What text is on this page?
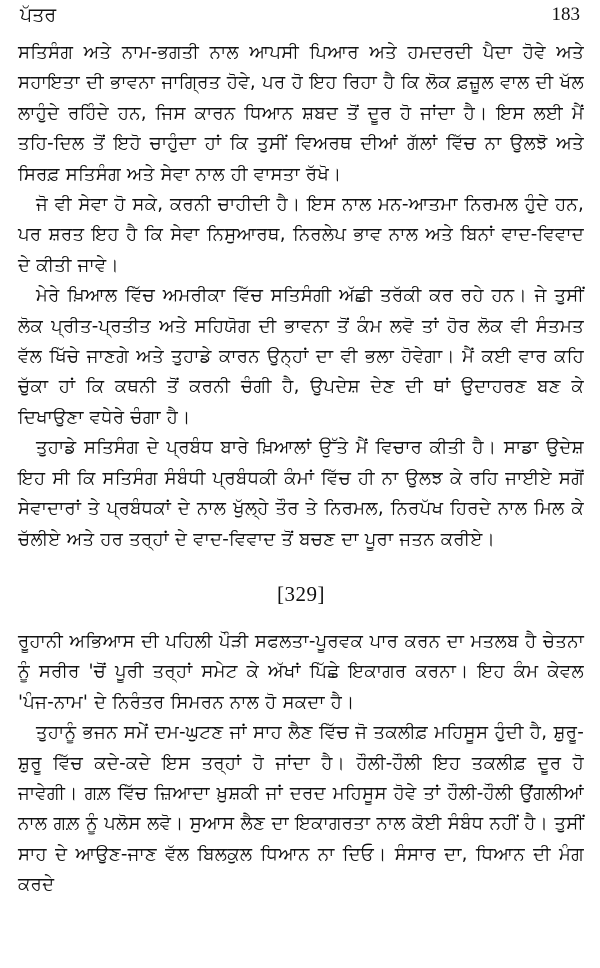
ਪੱਤਰ	183

ਸਤਿਸੰਗ ਅਤੇ ਨਾਮ-ਭਗਤੀ ਨਾਲ ਆਪਸੀ ਪਿਆਰ ਅਤੇ ਹਮਦਰਦੀ ਪੈਦਾ ਹੋਵੇ ਅਤੇ ਸਹਾਇਤਾ ਦੀ ਭਾਵਨਾ ਜਾਗ੍ਰਿਤ ਹੋਵੇ, ਪਰ ਹੋ ਇਹ ਰਿਹਾ ਹੈ ਕਿ ਲੋਕ ਫ਼ਜ਼ੂਲ ਵਾਲ ਦੀ ਖੱਲ ਲਾਹੁੰਦੇ ਰਹਿੰਦੇ ਹਨ, ਜਿਸ ਕਾਰਨ ਧਿਆਨ ਸ਼ਬਦ ਤੋਂ ਦੂਰ ਹੋ ਜਾਂਦਾ ਹੈ। ਇਸ ਲਈ ਮੈਂ ਤਹਿ-ਦਿਲ ਤੋਂ ਇਹੋ ਚਾਹੁੰਦਾ ਹਾਂ ਕਿ ਤੁਸੀਂ ਵਿਅਰਥ ਦੀਆਂ ਗੱਲਾਂ ਵਿੱਚ ਨਾ ਉਲਝੋ ਅਤੇ ਸਿਰਫ਼ ਸਤਿਸੰਗ ਅਤੇ ਸੇਵਾ ਨਾਲ ਹੀ ਵਾਸਤਾ ਰੱਖੋ।

ਜੋ ਵੀ ਸੇਵਾ ਹੋ ਸਕੇ, ਕਰਨੀ ਚਾਹੀਦੀ ਹੈ। ਇਸ ਨਾਲ ਮਨ-ਆਤਮਾ ਨਿਰਮਲ ਹੁੰਦੇ ਹਨ, ਪਰ ਸ਼ਰਤ ਇਹ ਹੈ ਕਿ ਸੇਵਾ ਨਿਸੁਆਰਥ, ਨਿਰਲੇਪ ਭਾਵ ਨਾਲ ਅਤੇ ਬਿਨਾਂ ਵਾਦ-ਵਿਵਾਦ ਦੇ ਕੀਤੀ ਜਾਵੇ।

ਮੇਰੇ ਖ਼ਿਆਲ ਵਿੱਚ ਅਮਰੀਕਾ ਵਿੱਚ ਸਤਿਸੰਗੀ ਅੱਛੀ ਤਰੱਕੀ ਕਰ ਰਹੇ ਹਨ। ਜੇ ਤੁਸੀਂ ਲੋਕ ਪ੍ਰੀਤ-ਪ੍ਰਤੀਤ ਅਤੇ ਸਹਿਯੋਗ ਦੀ ਭਾਵਨਾ ਤੋਂ ਕੰਮ ਲਵੋ ਤਾਂ ਹੋਰ ਲੋਕ ਵੀ ਸੰਤਮਤ ਵੱਲ ਖਿੱਚੇ ਜਾਣਗੇ ਅਤੇ ਤੁਹਾਡੇ ਕਾਰਨ ਉਨ੍ਹਾਂ ਦਾ ਵੀ ਭਲਾ ਹੋਵੇਗਾ। ਮੈਂ ਕਈ ਵਾਰ ਕਹਿ ਚੁੱਕਾ ਹਾਂ ਕਿ ਕਥਨੀ ਤੋਂ ਕਰਨੀ ਚੰਗੀ ਹੈ, ਉਪਦੇਸ਼ ਦੇਣ ਦੀ ਥਾਂ ਉਦਾਹਰਣ ਬਣ ਕੇ ਦਿਖਾਉਣਾ ਵਧੇਰੇ ਚੰਗਾ ਹੈ।

ਤੁਹਾਡੇ ਸਤਿਸੰਗ ਦੇ ਪ੍ਰਬੰਧ ਬਾਰੇ ਖ਼ਿਆਲਾਂ ਉੱਤੇ ਮੈਂ ਵਿਚਾਰ ਕੀਤੀ ਹੈ। ਸਾਡਾ ਉਦੇਸ਼ ਇਹ ਸੀ ਕਿ ਸਤਿਸੰਗ ਸੰਬੰਧੀ ਪ੍ਰਬੰਧਕੀ ਕੰਮਾਂ ਵਿੱਚ ਹੀ ਨਾ ਉਲਝ ਕੇ ਰਹਿ ਜਾਈਏ ਸਗੋਂ ਸੇਵਾਦਾਰਾਂ ਤੇ ਪ੍ਰਬੰਧਕਾਂ ਦੇ ਨਾਲ ਖੁੱਲ੍ਹੇ ਤੌਰ ਤੇ ਨਿਰਮਲ, ਨਿਰਪੱਖ ਹਿਰਦੇ ਨਾਲ ਮਿਲ ਕੇ ਚੱਲੀਏ ਅਤੇ ਹਰ ਤਰ੍ਹਾਂ ਦੇ ਵਾਦ-ਵਿਵਾਦ ਤੋਂ ਬਚਣ ਦਾ ਪੂਰਾ ਜਤਨ ਕਰੀਏ।

[329]

ਰੂਹਾਨੀ ਅਭਿਆਸ ਦੀ ਪਹਿਲੀ ਪੌੜੀ ਸਫਲਤਾ-ਪੂਰਵਕ ਪਾਰ ਕਰਨ ਦਾ ਮਤਲਬ ਹੈ ਚੇਤਨਾ ਨੂੰ ਸਰੀਰ 'ਚੋਂ ਪੂਰੀ ਤਰ੍ਹਾਂ ਸਮੇਟ ਕੇ ਅੱਖਾਂ ਪਿੱਛੇ ਇਕਾਗਰ ਕਰਨਾ। ਇਹ ਕੰਮ ਕੇਵਲ 'ਪੰਜ-ਨਾਮ' ਦੇ ਨਿਰੰਤਰ ਸਿਮਰਨ ਨਾਲ ਹੋ ਸਕਦਾ ਹੈ।

ਤੁਹਾਨੂੰ ਭਜਨ ਸਮੇਂ ਦਮ-ਘੁਟਣ ਜਾਂ ਸਾਹ ਲੈਣ ਵਿੱਚ ਜੋ ਤਕਲੀਫ਼ ਮਹਿਸੂਸ ਹੁੰਦੀ ਹੈ, ਸ਼ੁਰੂ-ਸ਼ੁਰੂ ਵਿੱਚ ਕਦੇ-ਕਦੇ ਇਸ ਤਰ੍ਹਾਂ ਹੋ ਜਾਂਦਾ ਹੈ। ਹੌਲੀ-ਹੌਲੀ ਇਹ ਤਕਲੀਫ਼ ਦੂਰ ਹੋ ਜਾਵੇਗੀ। ਗਲ਼ ਵਿੱਚ ਜ਼ਿਆਦਾ ਖ਼ੁਸ਼ਕੀ ਜਾਂ ਦਰਦ ਮਹਿਸੂਸ ਹੋਵੇ ਤਾਂ ਹੌਲੀ-ਹੌਲੀ ਉਂਗਲੀਆਂ ਨਾਲ ਗਲ਼ ਨੂੰ ਪਲੋਸ ਲਵੋ। ਸੁਆਸ ਲੈਣ ਦਾ ਇਕਾਗਰਤਾ ਨਾਲ ਕੋਈ ਸੰਬੰਧ ਨਹੀਂ ਹੈ। ਤੁਸੀਂ ਸਾਹ ਦੇ ਆਉਣ-ਜਾਣ ਵੱਲ ਬਿਲਕੁਲ ਧਿਆਨ ਨਾ ਦਿਓ। ਸੰਸਾਰ ਦਾ, ਧਿਆਨ ਦੀ ਮੰਗ ਕਰਦੇ
